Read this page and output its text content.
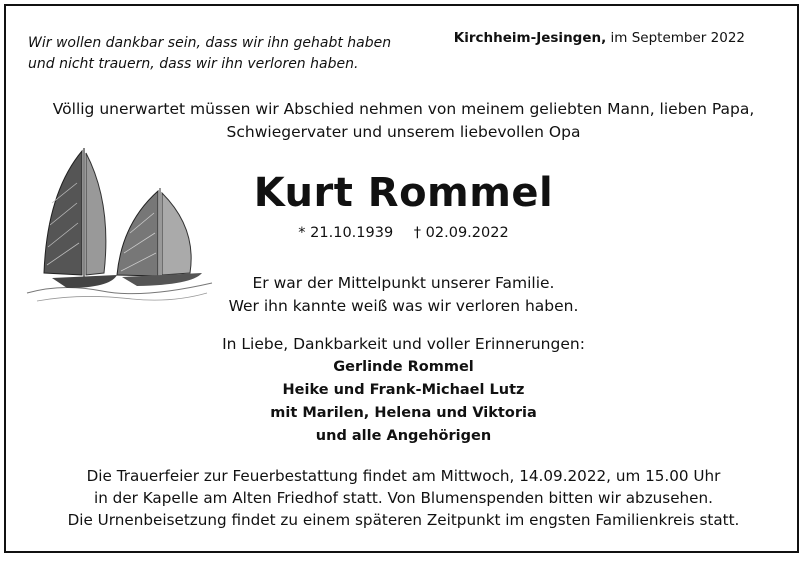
Wir wollen dankbar sein, dass wir ihn gehabt haben
und nicht trauern, dass wir ihn verloren haben.
Kirchheim-Jesingen, im September 2022
Völlig unerwartet müssen wir Abschied nehmen von meinem geliebten Mann, lieben Papa,
Schwiegervater und unserem liebevollen Opa
Kurt Rommel
* 21.10.1939 † 02.09.2022
Er war der Mittelpunkt unserer Familie.
Wer ihn kannte weiß was wir verloren haben.
In Liebe, Dankbarkeit und voller Erinnerungen:
Gerlinde Rommel
Heike und Frank-Michael Lutz
mit Marilen, Helena und Viktoria
und alle Angehörigen
Die Trauerfeier zur Feuerbestattung findet am Mittwoch, 14.09.2022, um 15.00 Uhr
in der Kapelle am Alten Friedhof statt. Von Blumenspenden bitten wir abzusehen.
Die Urnenbeisetzung findet zu einem späteren Zeitpunkt im engsten Familienkreis statt.
